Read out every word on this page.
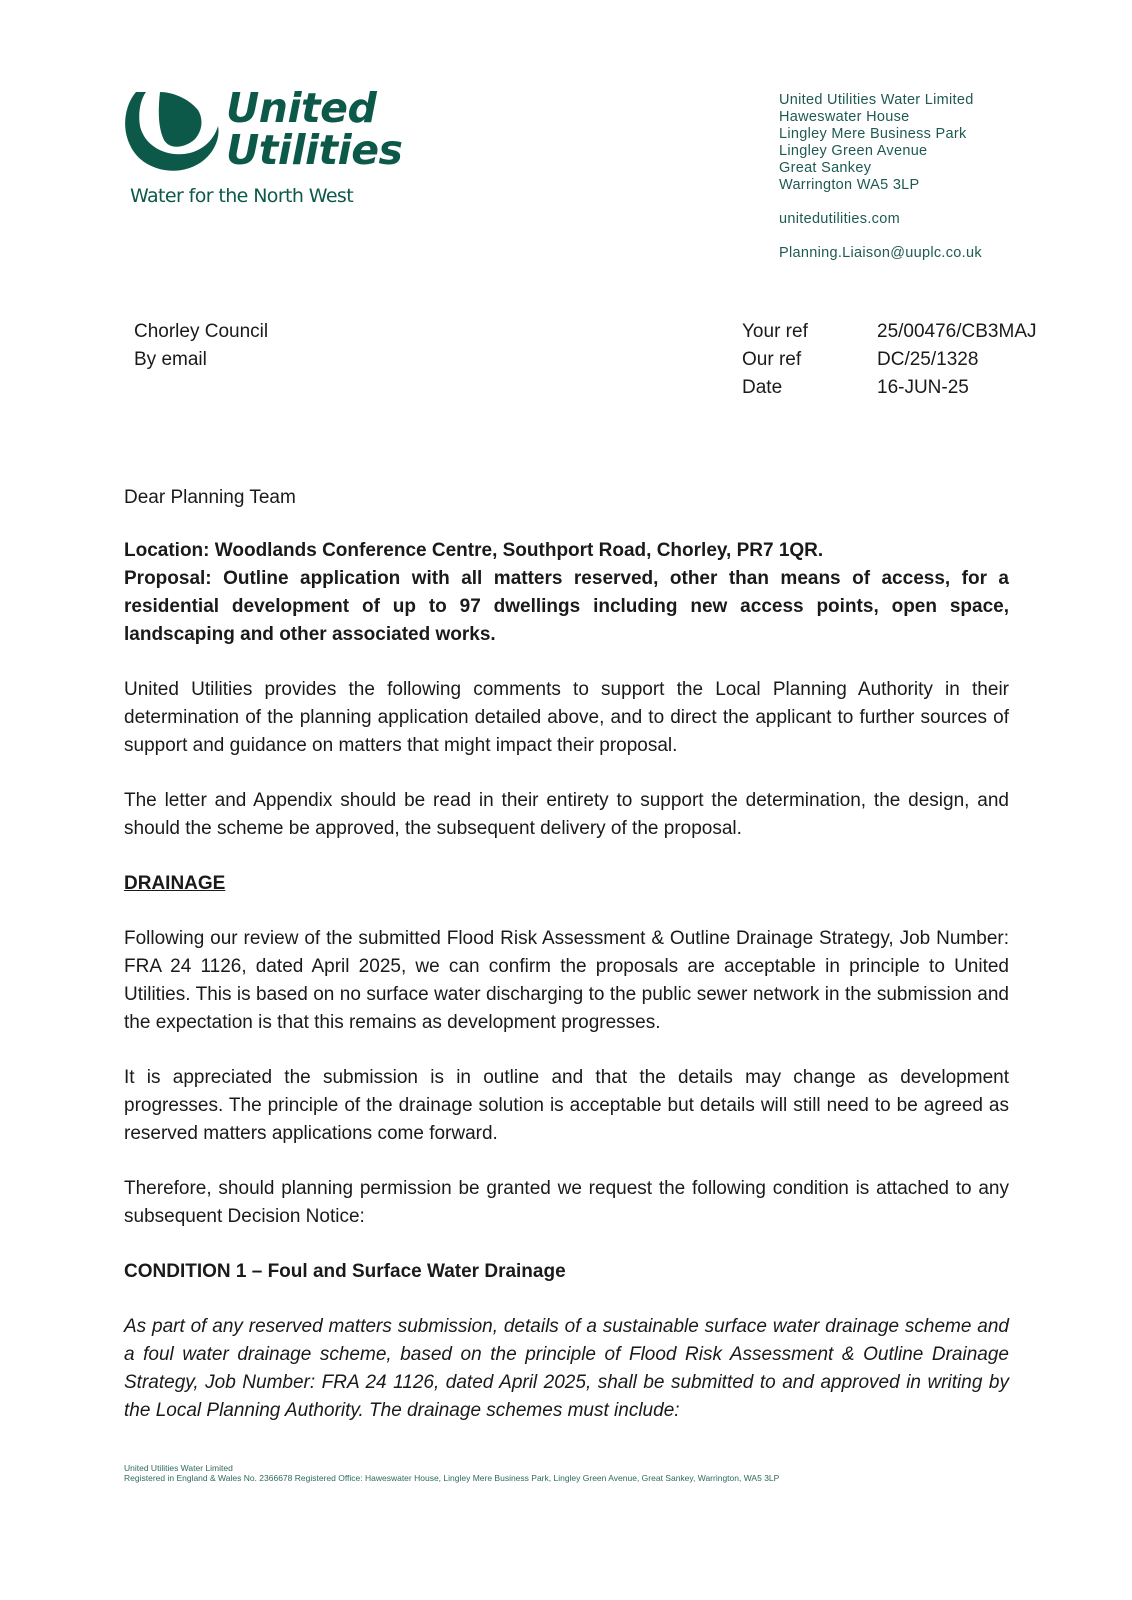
United
Utilities
Water for the North West
United Utilities Water Limited
Haweswater House
Lingley Mere Business Park
Lingley Green Avenue
Great Sankey
Warrington WA5 3LP
unitedutilities.com
Planning.Liaison@uuplc.co.uk
Chorley Council
By email
Your ref	25/00476/CB3MAJ
Our ref	DC/25/1328
Date	16-JUN-25

Dear Planning Team

Location: Woodlands Conference Centre, Southport Road, Chorley, PR7 1QR.

Proposal: Outline application with all matters reserved, other than means of access, for a residential development of up to 97 dwellings including new access points, open space, landscaping and other associated works.

United Utilities provides the following comments to support the Local Planning Authority in their determination of the planning application detailed above, and to direct the applicant to further sources of support and guidance on matters that might impact their proposal.

The letter and Appendix should be read in their entirety to support the determination, the design, and should the scheme be approved, the subsequent delivery of the proposal.

DRAINAGE

Following our review of the submitted Flood Risk Assessment & Outline Drainage Strategy, Job Number: FRA 24 1126, dated April 2025, we can confirm the proposals are acceptable in principle to United Utilities. This is based on no surface water discharging to the public sewer network in the submission and the expectation is that this remains as development progresses.

It is appreciated the submission is in outline and that the details may change as development progresses. The principle of the drainage solution is acceptable but details will still need to be agreed as reserved matters applications come forward.

Therefore, should planning permission be granted we request the following condition is attached to any subsequent Decision Notice:

CONDITION 1 – Foul and Surface Water Drainage

As part of any reserved matters submission, details of a sustainable surface water drainage scheme and a foul water drainage scheme, based on the principle of Flood Risk Assessment & Outline Drainage Strategy, Job Number: FRA 24 1126, dated April 2025, shall be submitted to and approved in writing by the Local Planning Authority. The drainage schemes must include:

United Utilities Water Limited
Registered in England & Wales No. 2366678 Registered Office: Haweswater House, Lingley Mere Business Park, Lingley Green Avenue, Great Sankey, Warrington, WA5 3LP
